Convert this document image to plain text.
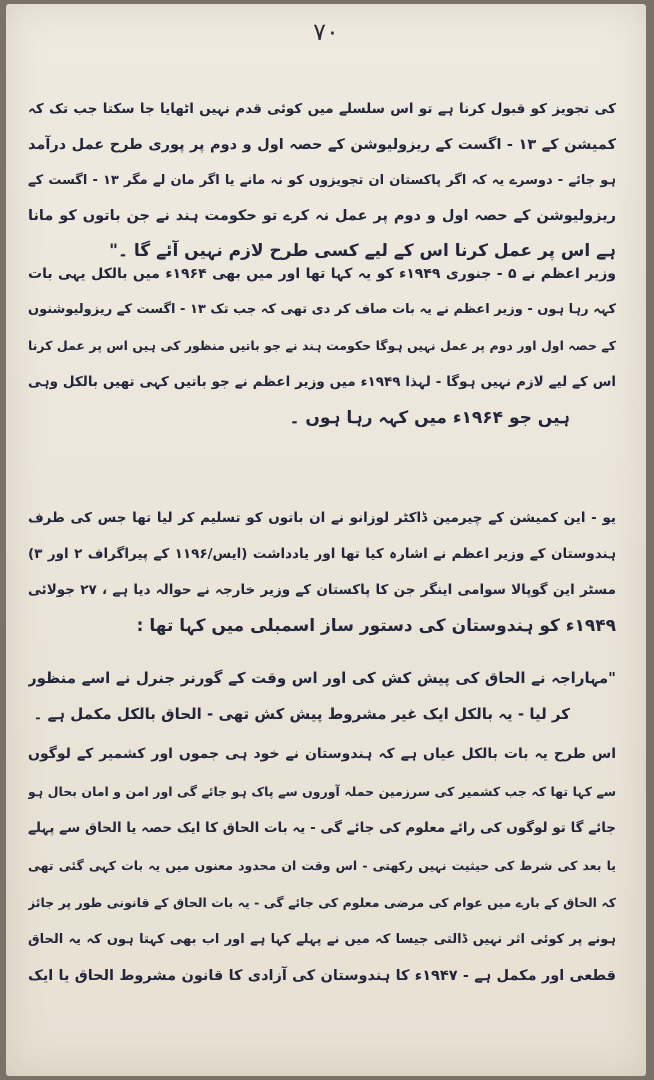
۷۰
کی تجویز کو قبول کرنا ہے تو اس سلسلے میں کوئی قدم نہیں اٹھایا جا سکتا جب تک کہ
کمیشن کے ۱۳ - اگست کے ریزولیوشن کے حصہ اول و دوم پر پوری طرح عمل درآمد
ہو جائے - دوسرے یہ کہ اگر پاکستان ان تجویزوں کو نہ مانے یا اگر مان لے مگر ۱۳ - اگست کے
ریزولیوشن کے حصہ اول و دوم پر عمل نہ کرے تو حکومت ہند نے جن باتوں کو مانا
ہے اس پر عمل کرنا اس کے لیے کسی طرح لازم نہیں آئے گا ۔"
وزیر اعظم نے ۵ - جنوری ۱۹۴۹ء کو یہ کہا تھا اور میں بھی ۱۹۶۴ء میں بالکل یہی بات
کہہ رہا ہوں - وزیر اعظم نے یہ بات صاف کر دی تھی کہ جب تک ۱۳ - اگست کے ریزولیوشنوں
کے حصہ اول اور دوم پر عمل نہیں ہوگا حکومت ہند نے جو باتیں منظور کی ہیں اس پر عمل کرنا
اس کے لیے لازم نہیں ہوگا - لہذا ۱۹۴۹ء میں وزیر اعظم نے جو باتیں کہی تھیں بالکل وہی
ہیں جو ۱۹۶۴ء میں کہہ رہا ہوں ۔
یو - این کمیشن کے چیرمین ڈاکٹر لوزانو نے ان باتوں کو تسلیم کر لیا تھا جس کی طرف
ہندوستان کے وزیر اعظم نے اشارہ کیا تھا اور یادداشت (ایس/۱۱۹۶ کے پیراگراف ۲ اور ۳)
مسٹر این گوپالا سوامی اینگر جن کا پاکستان کے وزیر خارجہ نے حوالہ دیا ہے ، ۲۷ جولائی
۱۹۴۹ء کو ہندوستان کی دستور ساز اسمبلی میں کہا تھا :
"مہاراجہ نے الحاق کی پیش کش کی اور اس وقت کے گورنر جنرل نے اسے منظور
کر لیا - یہ بالکل ایک غیر مشروط پیش کش تھی - الحاق بالکل مکمل ہے ۔
اس طرح یہ بات بالکل عیاں ہے کہ ہندوستان نے خود ہی جموں اور کشمیر کے لوگوں
سے کہا تھا کہ جب کشمیر کی سرزمین حملہ آوروں سے پاک ہو جائے گی اور امن و امان بحال ہو
جائے گا تو لوگوں کی رائے معلوم کی جائے گی - یہ بات الحاق کا ایک حصہ یا الحاق سے پہلے
یا بعد کی شرط کی حیثیت نہیں رکھتی - اس وقت ان محدود معنوں میں یہ بات کہی گئی تھی
کہ الحاق کے بارے میں عوام کی مرضی معلوم کی جائے گی - یہ بات الحاق کے قانونی طور پر جائز
ہونے پر کوئی اثر نہیں ڈالتی جیسا کہ میں نے پہلے کہا ہے اور اب بھی کہتا ہوں کہ یہ الحاق
قطعی اور مکمل ہے - ۱۹۴۷ء کا ہندوستان کی آزادی کا قانون مشروط الحاق یا ایک
